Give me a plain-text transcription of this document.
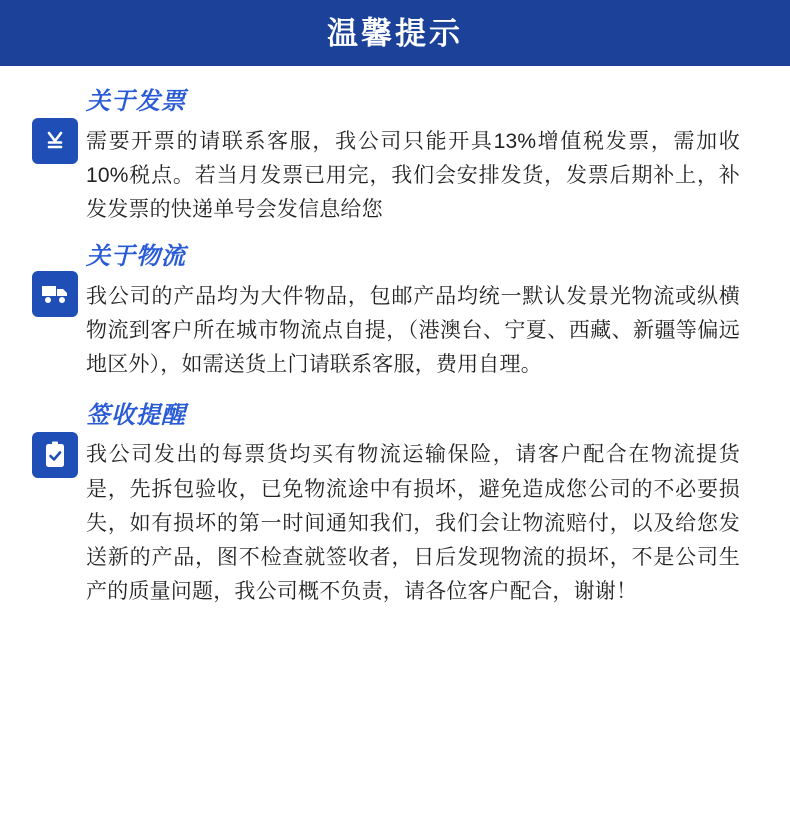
温馨提示
关于发票
需要开票的请联系客服，我公司只能开具13%增值税发票，需加收10%税点。若当月发票已用完，我们会安排发货，发票后期补上，补发发票的快递单号会发信息给您
关于物流
我公司的产品均为大件物品，包邮产品均统一默认发景光物流或纵横物流到客户所在城市物流点自提，（港澳台、宁夏、西藏、新疆等偏远地区外），如需送货上门请联系客服，费用自理。
签收提醒
我公司发出的每票货均买有物流运输保险，请客户配合在物流提货是，先拆包验收，已免物流途中有损坏，避免造成您公司的不必要损失，如有损坏的第一时间通知我们，我们会让物流赔付，以及给您发送新的产品，图不检查就签收者，日后发现物流的损坏，不是公司生产的质量问题，我公司概不负责，请各位客户配合，谢谢！
